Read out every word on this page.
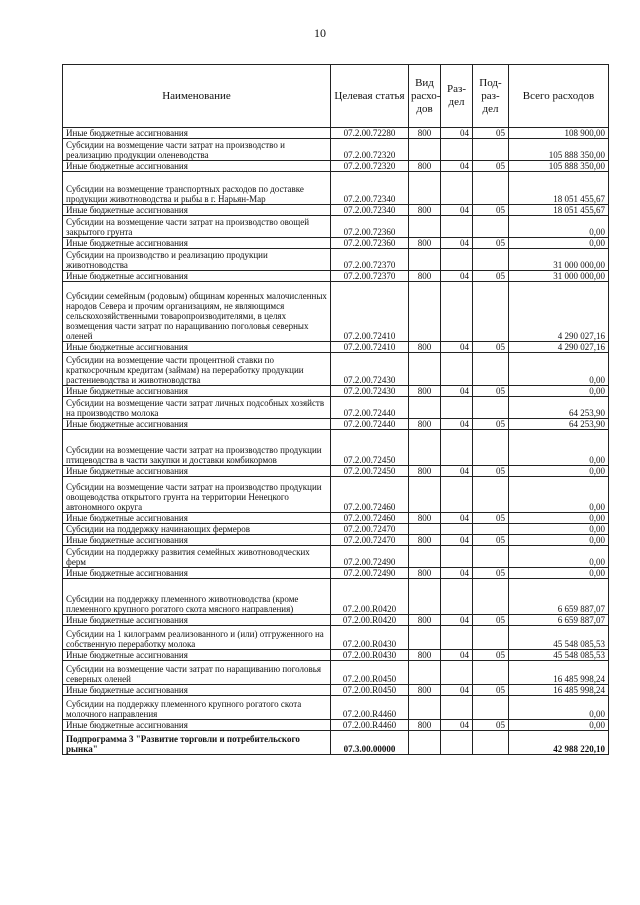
10
Наименование	Целевая статья	Вид расхо-дов	Раз-дел	Под-раз-дел	Всего расходов
Иные бюджетные ассигнования	07.2.00.72280	800	04	05	108 900,00
Субсидии на возмещение части затрат на производство и реализацию продукции оленеводства	07.2.00.72320				105 888 350,00
Иные бюджетные ассигнования	07.2.00.72320	800	04	05	105 888 350,00
Субсидии на возмещение транспортных расходов по доставке продукции животноводства и рыбы в г. Нарьян-Мар	07.2.00.72340				18 051 455,67
Иные бюджетные ассигнования	07.2.00.72340	800	04	05	18 051 455,67
Субсидии на возмещение части затрат на производство овощей закрытого грунта	07.2.00.72360				0,00
Иные бюджетные ассигнования	07.2.00.72360	800	04	05	0,00
Субсидии на производство и реализацию продукции животноводства	07.2.00.72370				31 000 000,00
Иные бюджетные ассигнования	07.2.00.72370	800	04	05	31 000 000,00
Субсидии семейным (родовым) общинам коренных малочисленных народов Севера и прочим организациям, не являющимся сельскохозяйственными товаропроизводителями, в целях возмещения части затрат по наращиванию поголовья северных оленей	07.2.00.72410				4 290 027,16
Иные бюджетные ассигнования	07.2.00.72410	800	04	05	4 290 027,16
Субсидии на возмещение части процентной ставки по краткосрочным кредитам (займам) на переработку продукции растениеводства и животноводства	07.2.00.72430				0,00
Иные бюджетные ассигнования	07.2.00.72430	800	04	05	0,00
Субсидии на возмещение части затрат личных подсобных хозяйств на производство молока	07.2.00.72440				64 253,90
Иные бюджетные ассигнования	07.2.00.72440	800	04	05	64 253,90
Субсидии на возмещение части затрат на производство продукции птицеводства в части закупки и доставки комбикормов	07.2.00.72450				0,00
Иные бюджетные ассигнования	07.2.00.72450	800	04	05	0,00
Субсидии на возмещение части затрат на производство продукции овощеводства открытого грунта на территории Ненецкого автономного округа	07.2.00.72460				0,00
Иные бюджетные ассигнования	07.2.00.72460	800	04	05	0,00
Субсидии на поддержку начинающих фермеров	07.2.00.72470				0,00
Иные бюджетные ассигнования	07.2.00.72470	800	04	05	0,00
Субсидии на поддержку развития семейных животноводческих ферм	07.2.00.72490				0,00
Иные бюджетные ассигнования	07.2.00.72490	800	04	05	0,00
Субсидии на поддержку племенного животноводства (кроме племенного крупного рогатого скота мясного направления)	07.2.00.R0420				6 659 887,07
Иные бюджетные ассигнования	07.2.00.R0420	800	04	05	6 659 887,07
Субсидии на 1 килограмм реализованного и (или) отгруженного на собственную переработку молока	07.2.00.R0430				45 548 085,53
Иные бюджетные ассигнования	07.2.00.R0430	800	04	05	45 548 085,53
Субсидии на возмещение части затрат по наращиванию поголовья северных оленей	07.2.00.R0450				16 485 998,24
Иные бюджетные ассигнования	07.2.00.R0450	800	04	05	16 485 998,24
Субсидии на поддержку племенного крупного рогатого скота молочного направления	07.2.00.R4460				0,00
Иные бюджетные ассигнования	07.2.00.R4460	800	04	05	0,00
Подпрограмма 3 "Развитие торговли и потребительского рынка"	07.3.00.00000				42 988 220,10
